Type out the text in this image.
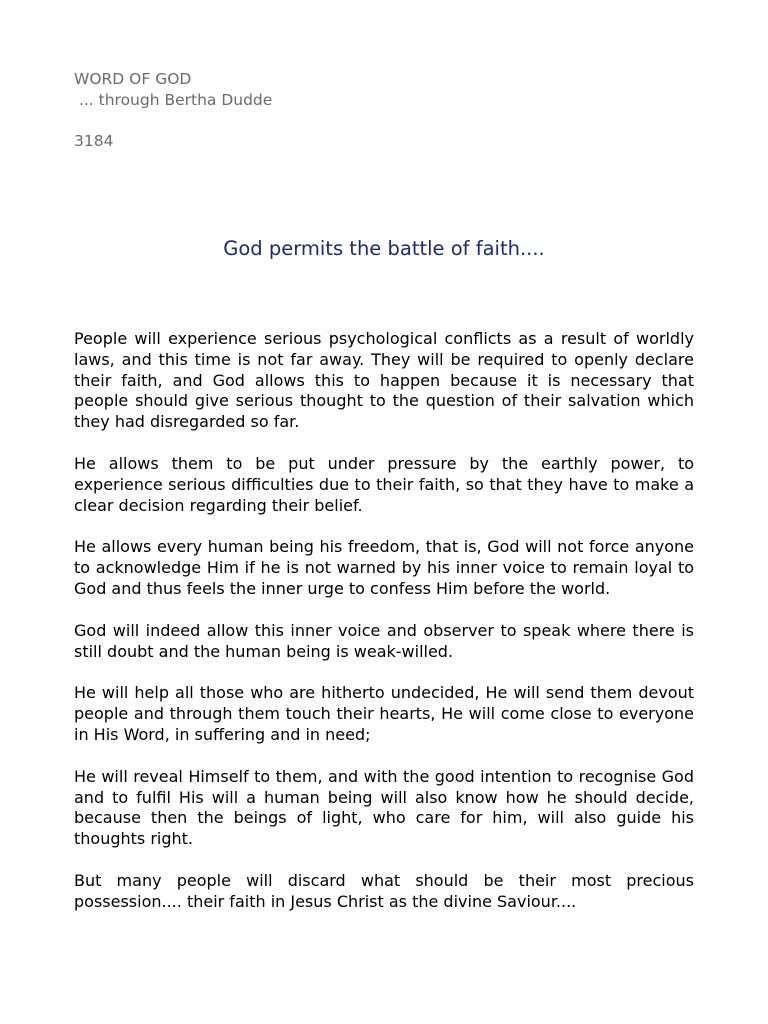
WORD OF GOD
... through Bertha Dudde
3184
God permits the battle of faith....

People will experience serious psychological conflicts as a result of worldly laws, and this time is not far away. They will be required to openly declare their faith, and God allows this to happen because it is necessary that people should give serious thought to the question of their salvation which they had disregarded so far.

He allows them to be put under pressure by the earthly power, to experience serious difficulties due to their faith, so that they have to make a clear decision regarding their belief.

He allows every human being his freedom, that is, God will not force anyone to acknowledge Him if he is not warned by his inner voice to remain loyal to God and thus feels the inner urge to confess Him before the world.

God will indeed allow this inner voice and observer to speak where there is still doubt and the human being is weak-willed.

He will help all those who are hitherto undecided, He will send them devout people and through them touch their hearts, He will come close to everyone in His Word, in suffering and in need;

He will reveal Himself to them, and with the good intention to recognise God and to fulfil His will a human being will also know how he should decide, because then the beings of light, who care for him, will also guide his thoughts right.

But many people will discard what should be their most precious possession.... their faith in Jesus Christ as the divine Saviour....
